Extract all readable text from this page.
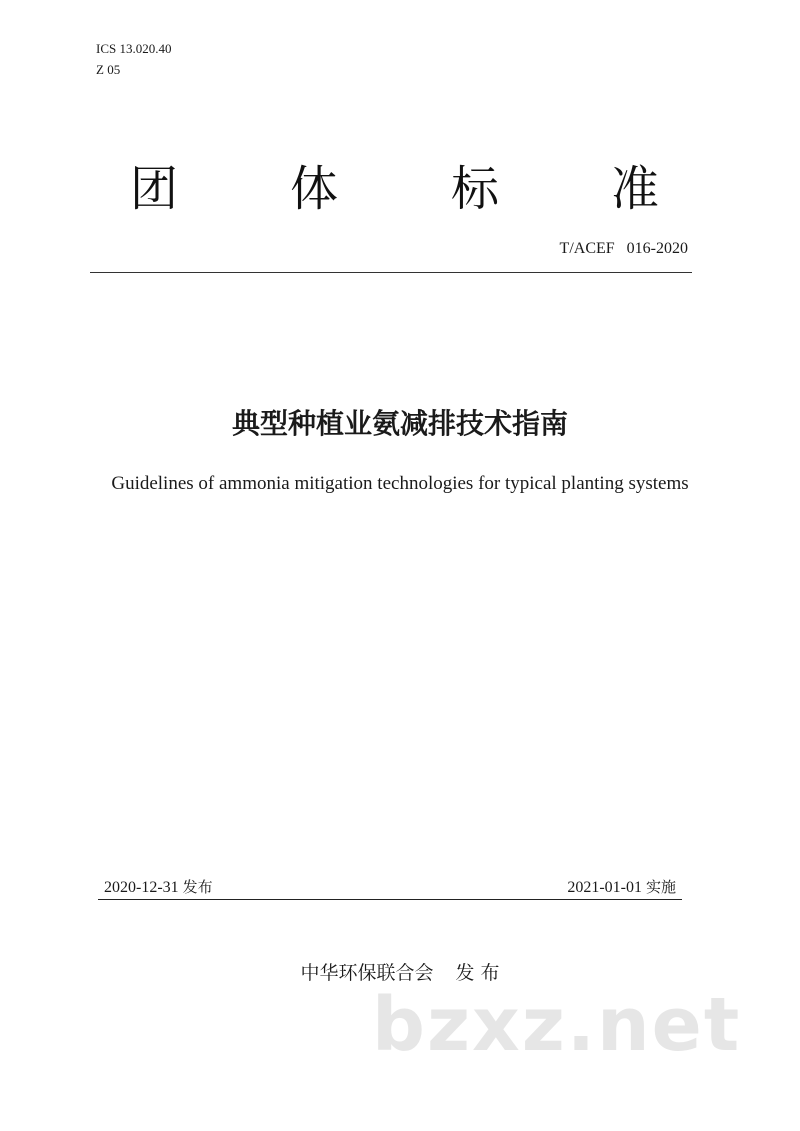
ICS 13.020.40
Z 05
团 体 标 准
T/ACEF   016-2020
典型种植业氨减排技术指南
Guidelines of ammonia mitigation technologies for typical planting systems
2020-12-31 发布	2021-01-01 实施
中华环保联合会 发 布
bzxz.net
